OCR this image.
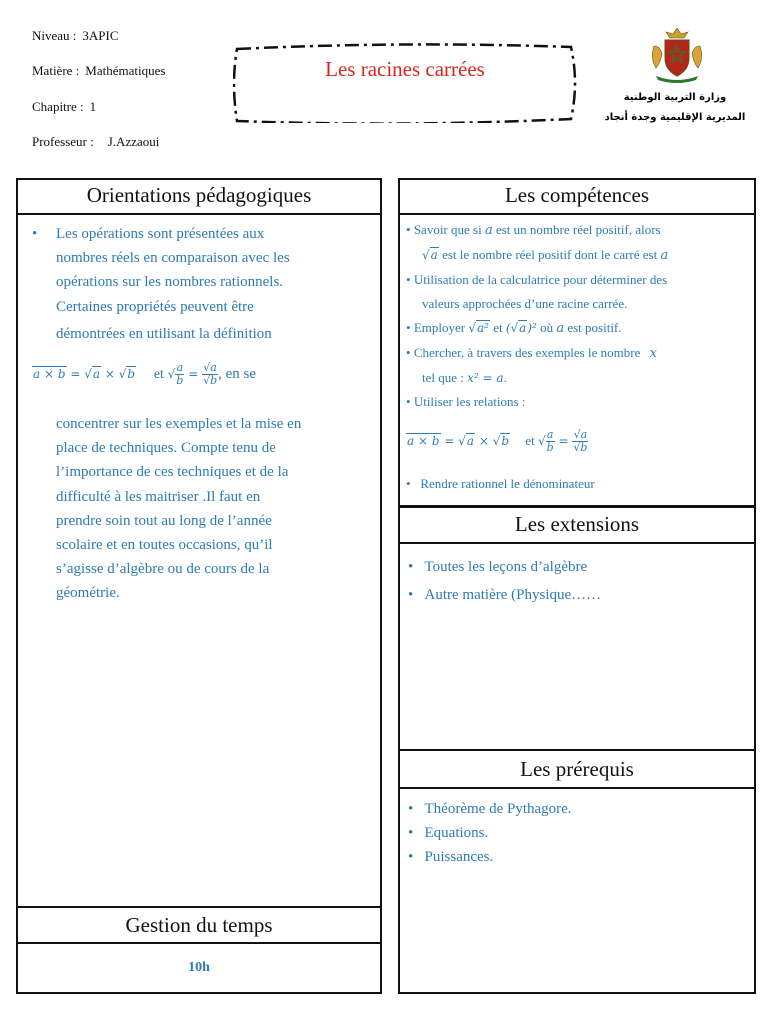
Niveau : 3APIC
Matière : Mathématiques
Chapitre : 1
Professeur : J.Azzaoui
Les racines carrées
وزارة التربية الوطنية
المديرية الإقليمية وجدة أنجاد
Orientations pédagogiques
• Les opérations sont présentées aux
nombres réels en comparaison avec les
opérations sur les nombres rationnels.
Certaines propriétés peuvent être
démontrées en utilisant la définition
a × b = √a × √b et √ $\frac{a}{b} = \frac{√a}{√b}$ , en se
concentrer sur les exemples et la mise en
place de techniques. Compte tenu de
l’importance de ces techniques et de la
difficulté à les maitriser .Il faut en
prendre soin tout au long de l’année
scolaire et en toutes occasions, qu’il
s’agisse d’algèbre ou de cours de la
géométrie.
Gestion du temps
10h
Les compétences
• Savoir que si a est un nombre réel positif, alors
√a est le nombre réel positif dont le carré est a
• Utilisation de la calculatrice pour déterminer des
valeurs approchées d’une racine carrée.
• Employer √a² et (√a)² où a est positif.
• Chercher, à travers des exemples le nombre x
tel que : x² = a.
• Utiliser les relations :
a × b = √a × √b et √ $\frac{a}{b} = \frac{√a}{√b}$
•   Rendre rationnel le dénominateur
Les extensions
•   Toutes les leçons d’algèbre
•   Autre matière (Physique……
Les prérequis
•   Théorème de Pythagore.
•   Equations.
•   Puissances.
